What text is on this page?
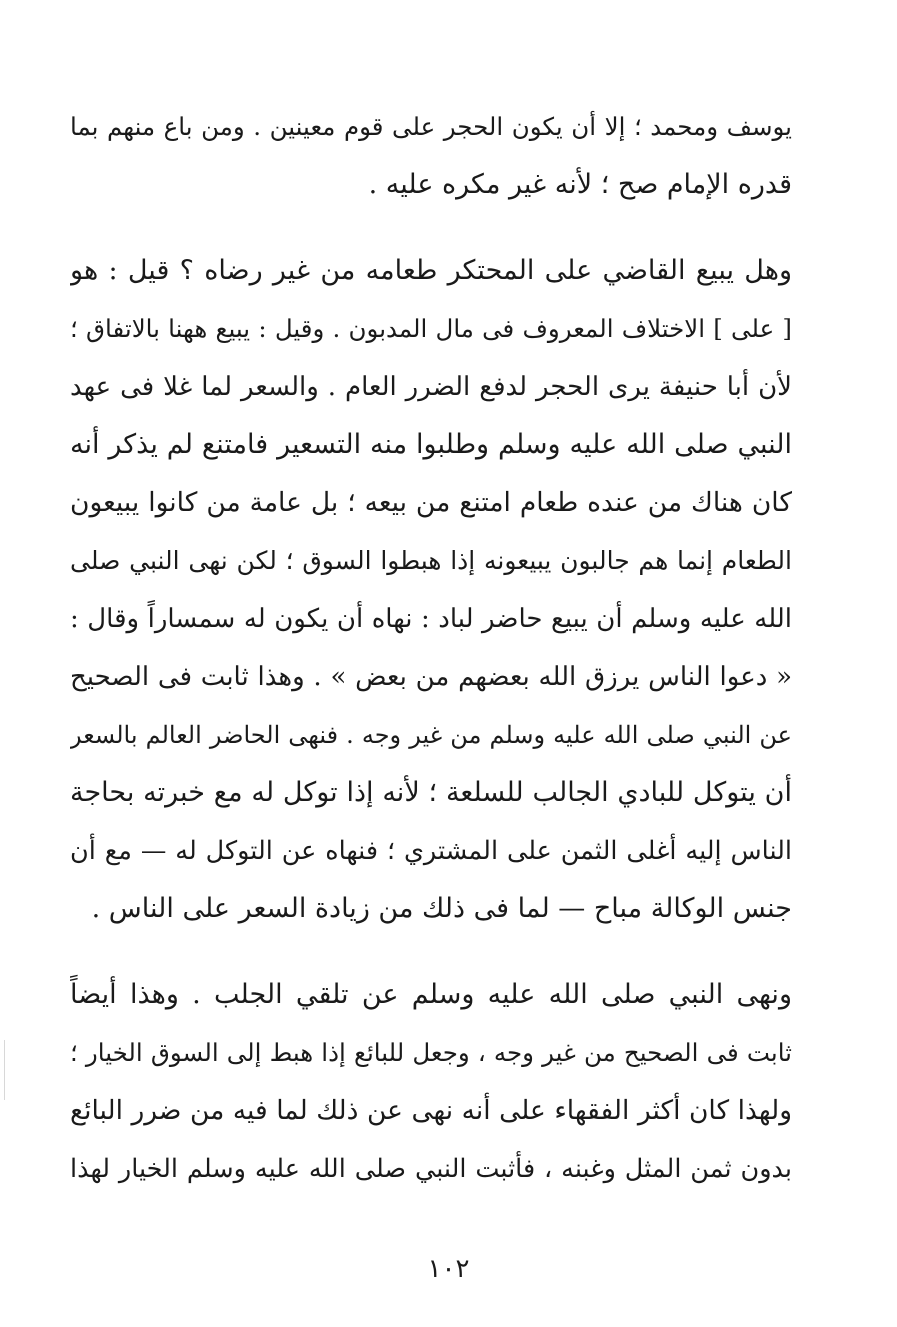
يوسف ومحمد ؛ إلا أن يكون الحجر على قوم معينين . ومن باع منهم بما
قدره الإمام صح ؛ لأنه غير مكره عليه .
وهل يبيع القاضي على المحتكر طعامه من غير رضاه ؟ قيل : هو
[ على ] الاختلاف المعروف فى مال المدبون . وقيل : يبيع ههنا بالاتفاق ؛
لأن أبا حنيفة يرى الحجر لدفع الضرر العام . والسعر لما غلا فى عهد
النبي صلى الله عليه وسلم وطلبوا منه التسعير فامتنع لم يذكر أنه
كان هناك من عنده طعام امتنع من بيعه ؛ بل عامة من كانوا يبيعون
الطعام إنما هم جالبون يبيعونه إذا هبطوا السوق ؛ لكن نهى النبي صلى
الله عليه وسلم أن يبيع حاضر لباد : نهاه أن يكون له سمساراً وقال :
« دعوا الناس يرزق الله بعضهم من بعض » . وهذا ثابت فى الصحيح
عن النبي صلى الله عليه وسلم من غير وجه . فنهى الحاضر العالم بالسعر
أن يتوكل للبادي الجالب للسلعة ؛ لأنه إذا توكل له مع خبرته بحاجة
الناس إليه أغلى الثمن على المشتري ؛ فنهاه عن التوكل له — مع أن
جنس الوكالة مباح — لما فى ذلك من زيادة السعر على الناس .
ونهى النبي صلى الله عليه وسلم عن تلقي الجلب . وهذا أيضاً
ثابت فى الصحيح من غير وجه ، وجعل للبائع إذا هبط إلى السوق الخيار ؛
ولهذا كان أكثر الفقهاء على أنه نهى عن ذلك لما فيه من ضرر البائع
بدون ثمن المثل وغبنه ، فأثبت النبي صلى الله عليه وسلم الخيار لهذا
١٠٢
